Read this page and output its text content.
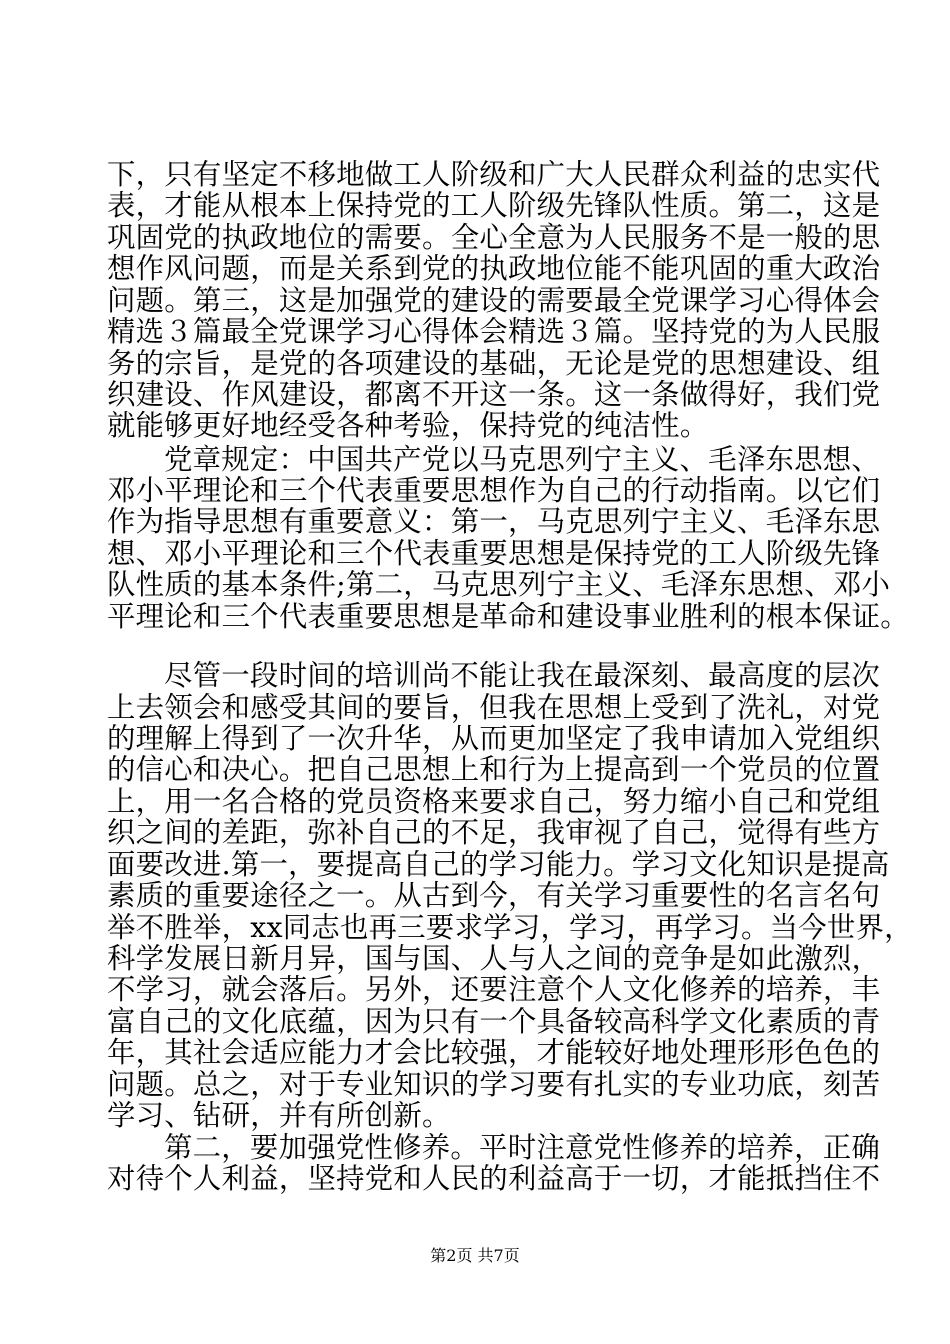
下，只有坚定不移地做工人阶级和广大人民群众利益的忠实代

表，才能从根本上保持党的工人阶级先锋队性质。第二，这是

巩固党的执政地位的需要。全心全意为人民服务不是一般的思

想作风问题，而是关系到党的执政地位能不能巩固的重大政治

问题。第三，这是加强党的建设的需要最全党课学习心得体会

精选３篇最全党课学习心得体会精选３篇。坚持党的为人民服

务的宗旨，是党的各项建设的基础，无论是党的思想建设、组

织建设、作风建设，都离不开这一条。这一条做得好，我们党

就能够更好地经受各种考验，保持党的纯洁性。

党章规定：中国共产党以马克思列宁主义、毛泽东思想、

邓小平理论和三个代表重要思想作为自己的行动指南。以它们

作为指导思想有重要意义：第一，马克思列宁主义、毛泽东思

想、邓小平理论和三个代表重要思想是保持党的工人阶级先锋

队性质的基本条件;第二，马克思列宁主义、毛泽东思想、邓小

平理论和三个代表重要思想是革命和建设事业胜利的根本保证。

尽管一段时间的培训尚不能让我在最深刻、最高度的层次

上去领会和感受其间的要旨，但我在思想上受到了洗礼，对党

的理解上得到了一次升华，从而更加坚定了我申请加入党组织

的信心和决心。把自己思想上和行为上提高到一个党员的位置

上，用一名合格的党员资格来要求自己，努力缩小自己和党组

织之间的差距，弥补自己的不足，我审视了自己，觉得有些方

面要改进.第一，要提高自己的学习能力。学习文化知识是提高

素质的重要途径之一。从古到今，有关学习重要性的名言名句

举不胜举，xx同志也再三要求学习，学习，再学习。当今世界，

科学发展日新月异，国与国、人与人之间的竞争是如此激烈，

不学习，就会落后。另外，还要注意个人文化修养的培养，丰

富自己的文化底蕴，因为只有一个具备较高科学文化素质的青

年，其社会适应能力才会比较强，才能较好地处理形形色色的

问题。总之，对于专业知识的学习要有扎实的专业功底，刻苦

学习、钻研，并有所创新。

第二，要加强党性修养。平时注意党性修养的培养，正确

对待个人利益，坚持党和人民的利益高于一切，才能抵挡住不

第2页 共7页
